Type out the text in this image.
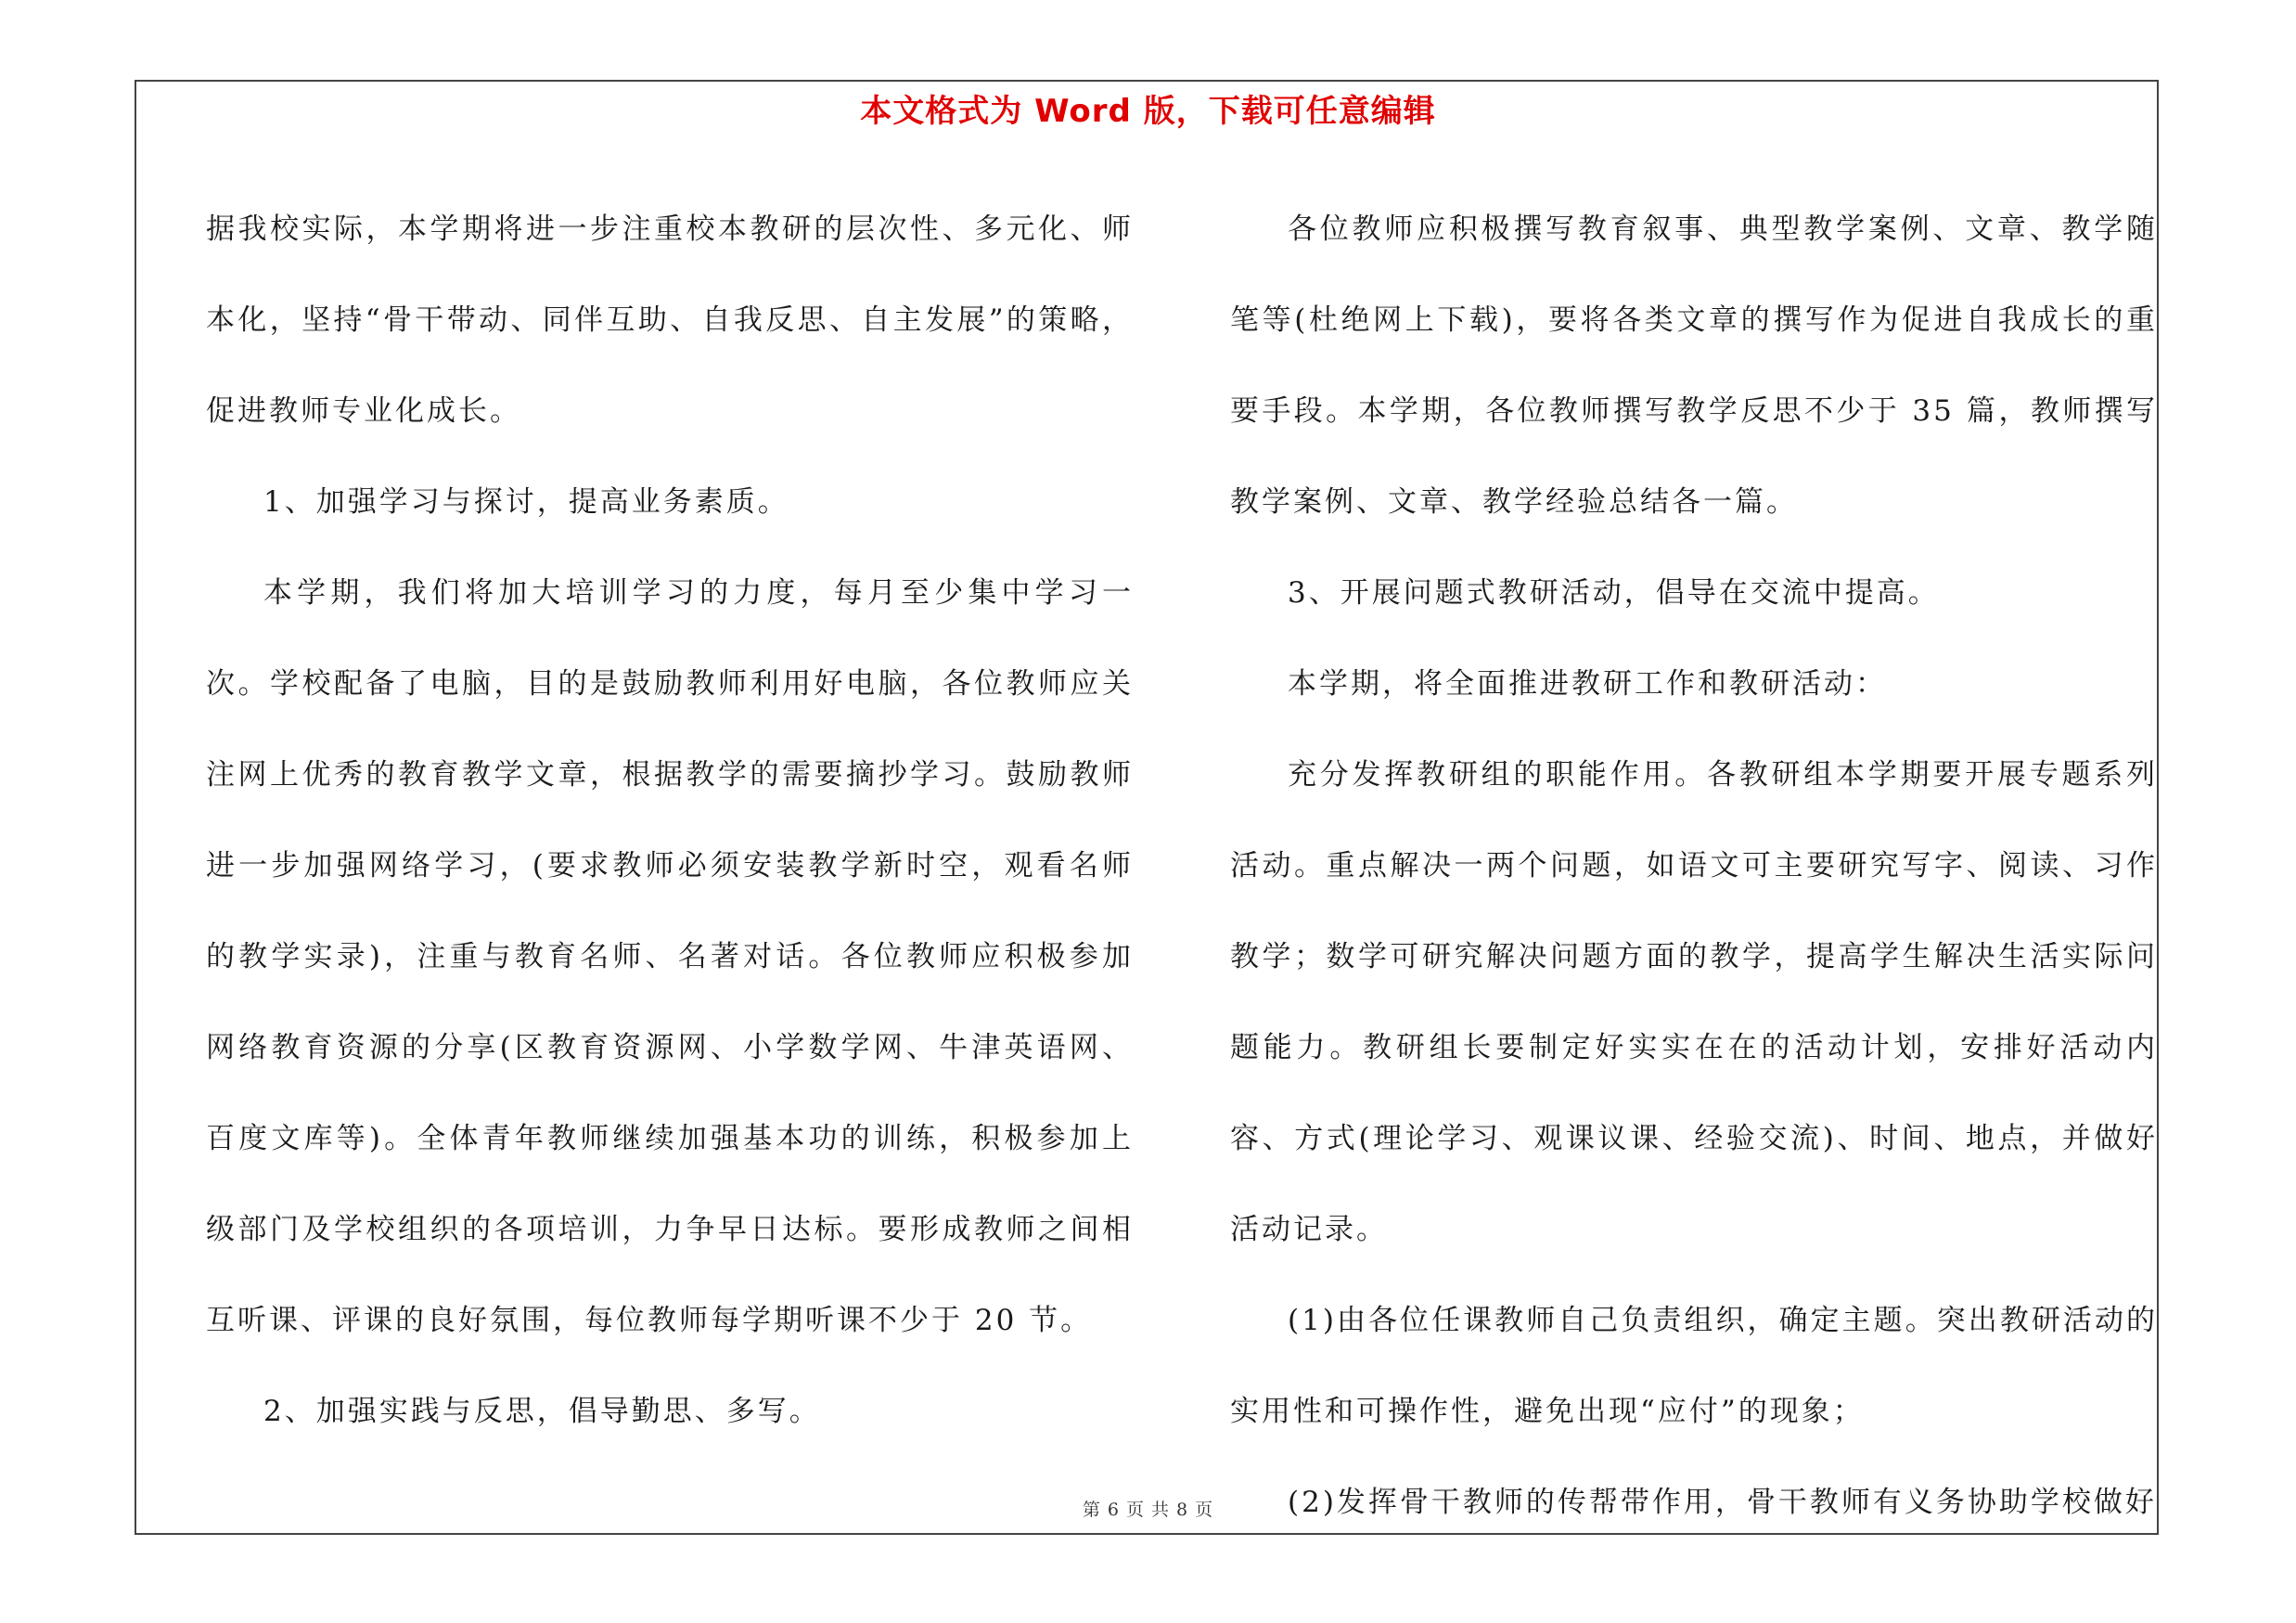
本文格式为 Word 版，下载可任意编辑

据我校实际，本学期将进一步注重校本教研的层次性、多元化、师本化，坚持“骨干带动、同伴互助、自我反思、自主发展”的策略，促进教师专业化成长。

1、加强学习与探讨，提高业务素质。

本学期，我们将加大培训学习的力度，每月至少集中学习一次。学校配备了电脑，目的是鼓励教师利用好电脑，各位教师应关注网上优秀的教育教学文章，根据教学的需要摘抄学习。鼓励教师进一步加强网络学习，(要求教师必须安装教学新时空，观看名师的教学实录)，注重与教育名师、名著对话。各位教师应积极参加网络教育资源的分享(区教育资源网、小学数学网、牛津英语网、百度文库等)。全体青年教师继续加强基本功的训练，积极参加上级部门及学校组织的各项培训，力争早日达标。要形成教师之间相互听课、评课的良好氛围，每位教师每学期听课不少于 20 节。

2、加强实践与反思，倡导勤思、多写。

各位教师应积极撰写教育叙事、典型教学案例、文章、教学随笔等(杜绝网上下载)，要将各类文章的撰写作为促进自我成长的重要手段。本学期，各位教师撰写教学反思不少于 35 篇，教师撰写教学案例、文章、教学经验总结各一篇。

3、开展问题式教研活动，倡导在交流中提高。

本学期，将全面推进教研工作和教研活动：

充分发挥教研组的职能作用。各教研组本学期要开展专题系列活动。重点解决一两个问题，如语文可主要研究写字、阅读、习作教学；数学可研究解决问题方面的教学，提高学生解决生活实际问题能力。教研组长要制定好实实在在的活动计划，安排好活动内容、方式(理论学习、观课议课、经验交流)、时间、地点，并做好活动记录。

(1)由各位任课教师自己负责组织，确定主题。突出教研活动的实用性和可操作性，避免出现“应付”的现象；

(2)发挥骨干教师的传帮带作用，骨干教师有义务协助学校做好

第 6 页 共 8 页
